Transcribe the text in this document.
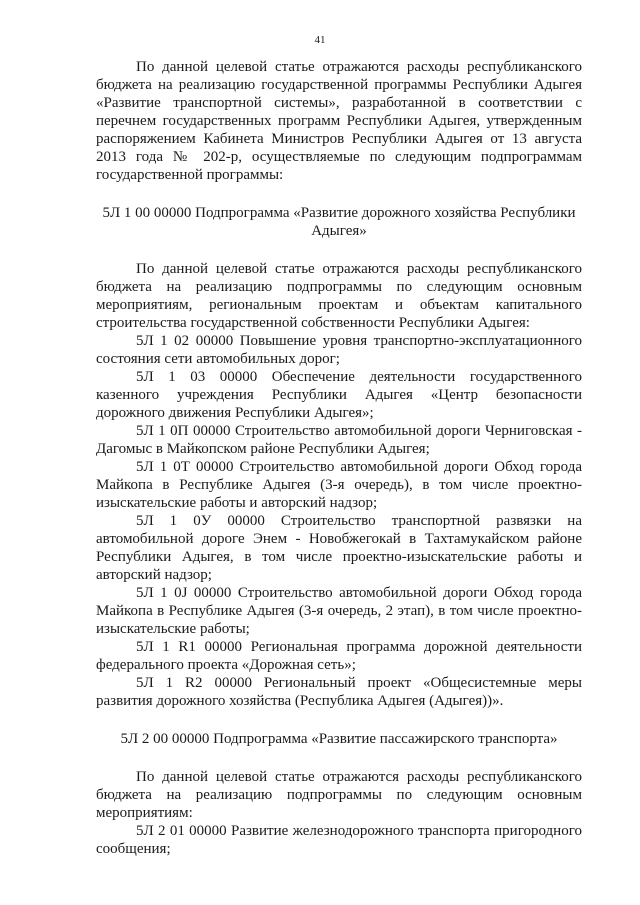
41

По данной целевой статье отражаются расходы республиканского бюджета на реализацию государственной программы Республики Адыгея «Развитие транспортной системы», разработанной в соответствии с перечнем государственных программ Республики Адыгея, утвержденным распоряжением Кабинета Министров Республики Адыгея от 13 августа 2013 года № 202-р, осуществляемые по следующим подпрограммам государственной программы:

5Л 1 00 00000 Подпрограмма «Развитие дорожного хозяйства Республики Адыгея»

По данной целевой статье отражаются расходы республиканского бюджета на реализацию подпрограммы по следующим основным мероприятиям, региональным проектам и объектам капитального строительства государственной собственности Республики Адыгея:

5Л 1 02 00000 Повышение уровня транспортно-эксплуатационного состояния сети автомобильных дорог;

5Л 1 03 00000 Обеспечение деятельности государственного казенного учреждения Республики Адыгея «Центр безопасности дорожного движения Республики Адыгея»;

5Л 1 0П 00000 Строительство автомобильной дороги Черниговская - Дагомыс в Майкопском районе Республики Адыгея;

5Л 1 0Т 00000 Строительство автомобильной дороги Обход города Майкопа в Республике Адыгея (3-я очередь), в том числе проектно-изыскательские работы и авторский надзор;

5Л 1 0У 00000 Строительство транспортной развязки на автомобильной дороге Энем - Новобжегокай в Тахтамукайском районе Республики Адыгея, в том числе проектно-изыскательские работы и авторский надзор;

5Л 1 0J 00000 Строительство автомобильной дороги Обход города Майкопа в Республике Адыгея (3-я очередь, 2 этап), в том числе проектно-изыскательские работы;

5Л 1 R1 00000 Региональная программа дорожной деятельности федерального проекта «Дорожная сеть»;

5Л 1 R2 00000 Региональный проект «Общесистемные меры развития дорожного хозяйства (Республика Адыгея (Адыгея))».

5Л 2 00 00000 Подпрограмма «Развитие пассажирского транспорта»

По данной целевой статье отражаются расходы республиканского бюджета на реализацию подпрограммы по следующим основным мероприятиям:

5Л 2 01 00000 Развитие железнодорожного транспорта пригородного сообщения;
